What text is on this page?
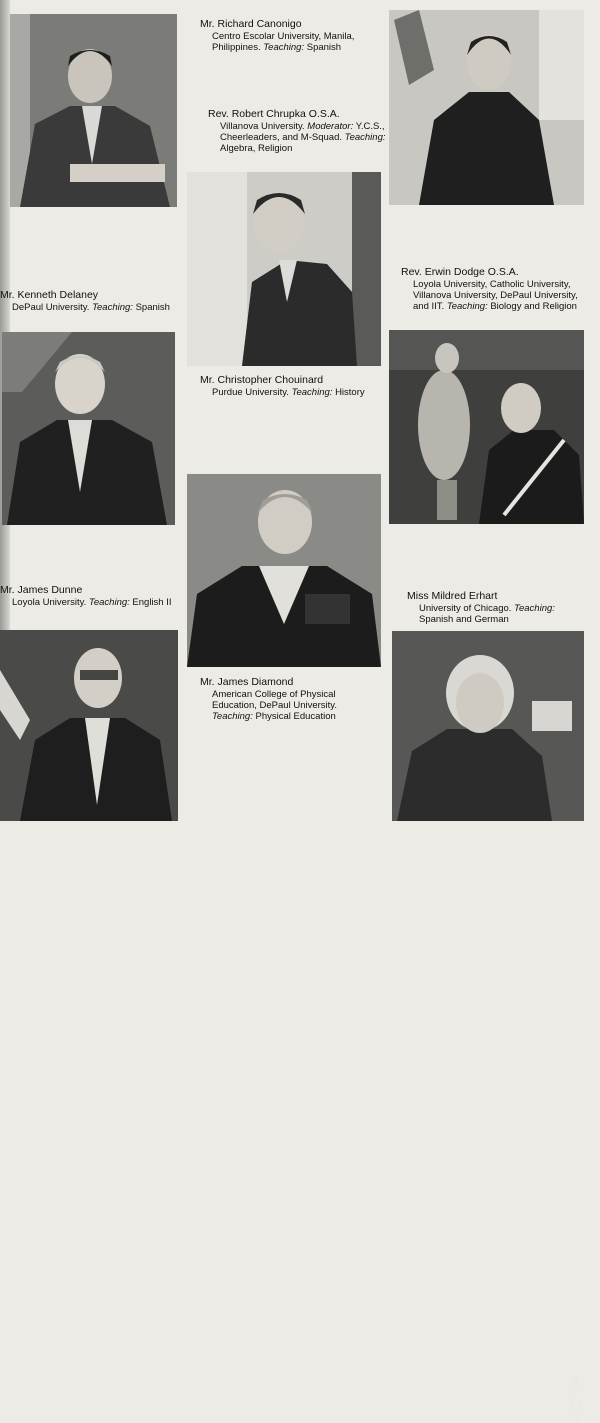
Mr. Richard Canonigo
Centro Escolar University, Manila, Philippines. Teaching: Spanish
Rev. Robert Chrupka O.S.A.
Villanova University. Moderator: Y.C.S., Cheerleaders, and M-Squad. Teaching: Algebra, Religion
Mr. Kenneth Delaney
DePaul University. Teaching: Spanish
Rev. Erwin Dodge O.S.A.
Loyola University, Catholic University, Villanova University, DePaul University, and IIT. Teaching: Biology and Religion
Mr. Christopher Chouinard
Purdue University. Teaching: History
Mr. James Dunne
Loyola University. Teaching: English II
Miss Mildred Erhart
University of Chicago. Teaching: Spanish and German
Mr. James Diamond
American College of Physical Education, DePaul University. Teaching: Physical Education
S P A I N
